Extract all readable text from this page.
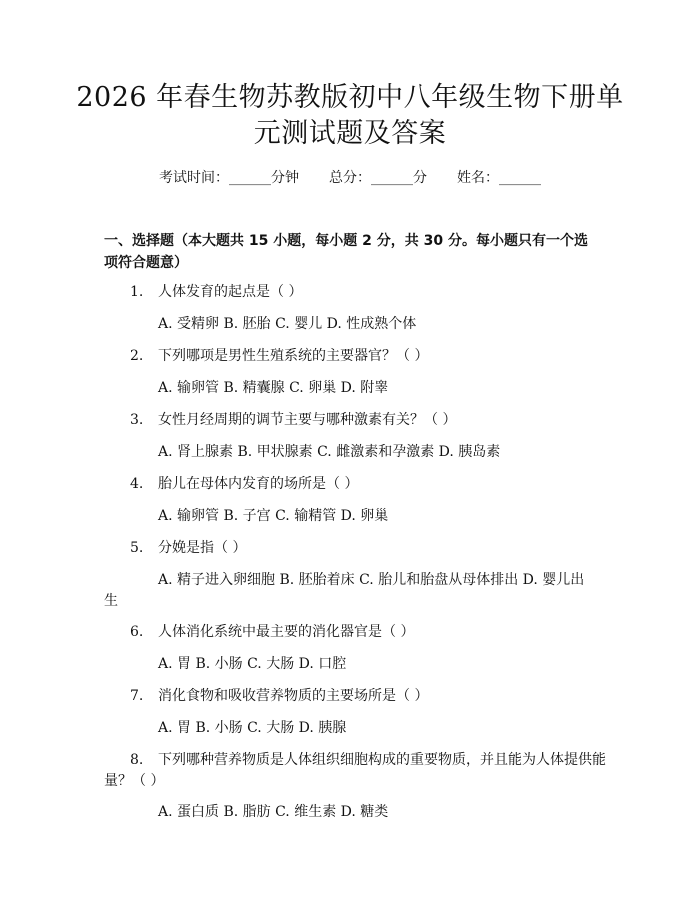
2026 年春生物苏教版初中八年级生物下册单
元测试题及答案
考试时间：______分钟 总分：______分 姓名：______
一、选择题（本大题共 15 小题，每小题 2 分，共 30 分。每小题只有一个选项符合题意）
1. 人体发育的起点是（ ）
A. 受精卵 B. 胚胎 C. 婴儿 D. 性成熟个体
2. 下列哪项是男性生殖系统的主要器官？（ ）
A. 输卵管 B. 精囊腺 C. 卵巢 D. 附睾
3. 女性月经周期的调节主要与哪种激素有关？（ ）
A. 肾上腺素 B. 甲状腺素 C. 雌激素和孕激素 D. 胰岛素
4. 胎儿在母体内发育的场所是（ ）
A. 输卵管 B. 子宫 C. 输精管 D. 卵巢
5. 分娩是指（ ）
A. 精子进入卵细胞 B. 胚胎着床 C. 胎儿和胎盘从母体排出 D. 婴儿出
生
6. 人体消化系统中最主要的消化器官是（ ）
A. 胃 B. 小肠 C. 大肠 D. 口腔
7. 消化食物和吸收营养物质的主要场所是（ ）
A. 胃 B. 小肠 C. 大肠 D. 胰腺
8. 下列哪种营养物质是人体组织细胞构成的重要物质，并且能为人体提供能
量？（ ）
A. 蛋白质 B. 脂肪 C. 维生素 D. 糖类
